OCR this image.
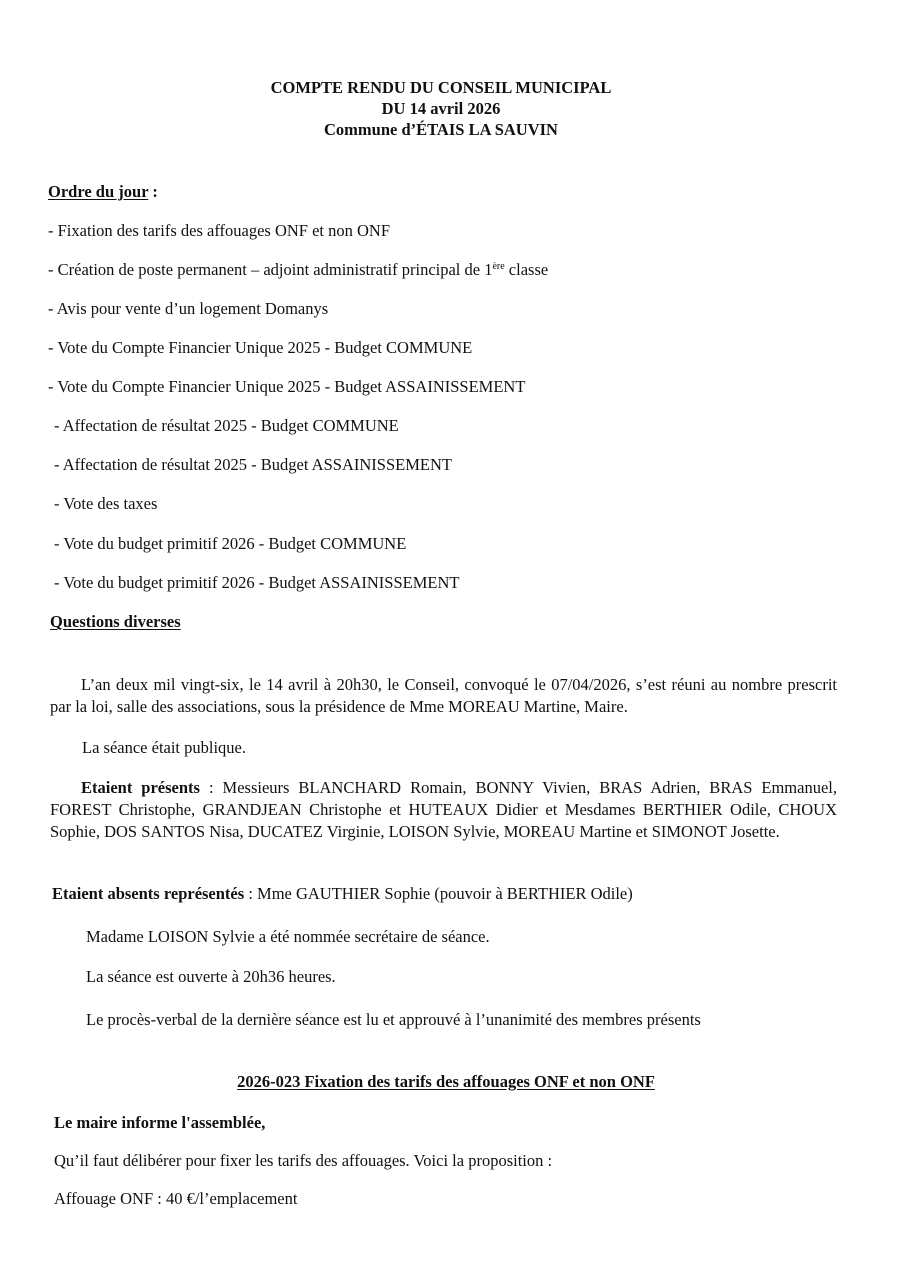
COMPTE RENDU DU CONSEIL MUNICIPAL
DU 14 avril 2026
Commune d’ÉTAIS LA SAUVIN
Ordre du jour :
- Fixation des tarifs des affouages ONF et non ONF
- Création de poste permanent – adjoint administratif principal de 1ère classe
- Avis pour vente d’un logement Domanys
- Vote du Compte Financier Unique 2025 - Budget COMMUNE
- Vote du Compte Financier Unique 2025 - Budget ASSAINISSEMENT
- Affectation de résultat 2025 - Budget COMMUNE
- Affectation de résultat 2025 - Budget ASSAINISSEMENT
- Vote des taxes
- Vote du budget primitif 2026 - Budget COMMUNE
- Vote du budget primitif 2026 - Budget ASSAINISSEMENT
Questions diverses
L’an deux mil vingt-six, le 14 avril à 20h30, le Conseil, convoqué le 07/04/2026, s’est réuni au nombre prescrit par la loi, salle des associations, sous la présidence de Mme MOREAU Martine, Maire.
La séance était publique.
Etaient présents : Messieurs BLANCHARD Romain, BONNY Vivien, BRAS Adrien, BRAS Emmanuel, FOREST Christophe, GRANDJEAN Christophe et HUTEAUX Didier et Mesdames BERTHIER Odile, CHOUX Sophie, DOS SANTOS Nisa, DUCATEZ Virginie, LOISON Sylvie, MOREAU Martine et SIMONOT Josette.
Etaient absents représentés : Mme GAUTHIER Sophie (pouvoir à BERTHIER Odile)
Madame LOISON Sylvie a été nommée secrétaire de séance.
La séance est ouverte à 20h36 heures.
Le procès-verbal de la dernière séance est lu et approuvé à l’unanimité des membres présents
2026-023 Fixation des tarifs des affouages ONF et non ONF
Le maire informe l'assemblée,
Qu’il faut délibérer pour fixer les tarifs des affouages. Voici la proposition :
Affouage ONF : 40 €/l’emplacement
